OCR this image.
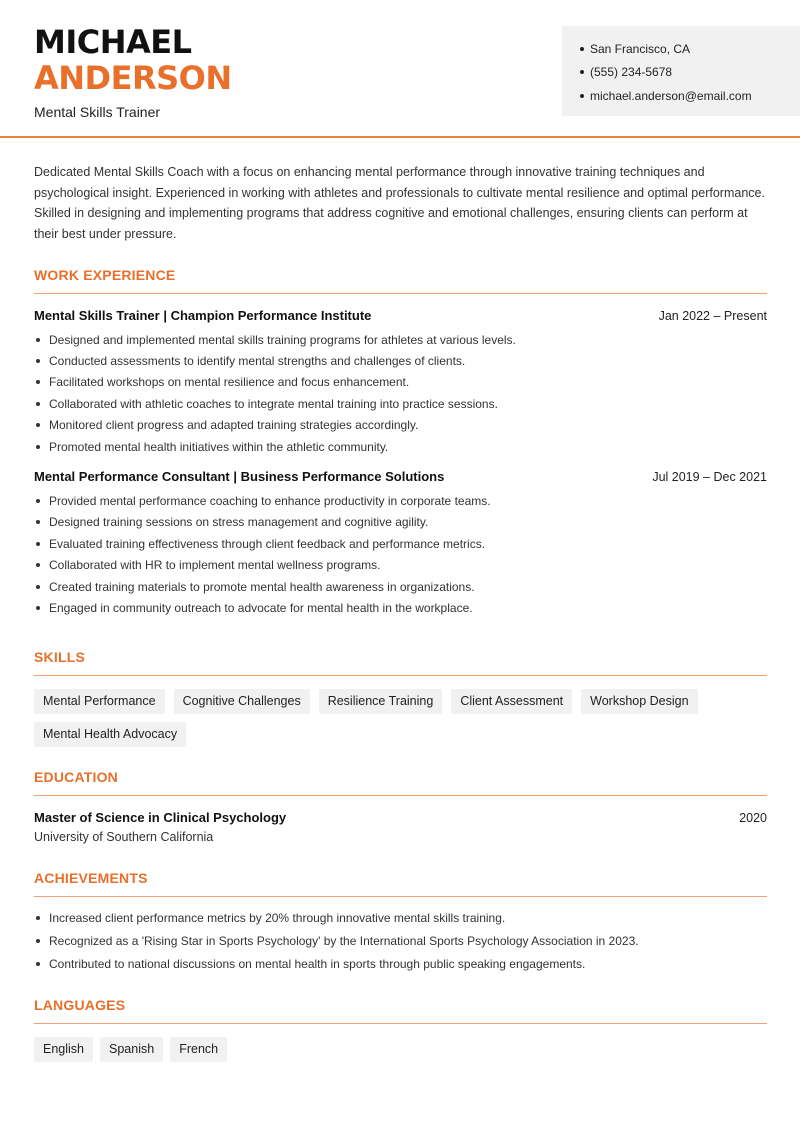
MICHAEL
ANDERSON
Mental Skills Trainer
San Francisco, CA
(555) 234-5678
michael.anderson@email.com

Dedicated Mental Skills Coach with a focus on enhancing mental performance through innovative training techniques and psychological insight. Experienced in working with athletes and professionals to cultivate mental resilience and optimal performance. Skilled in designing and implementing programs that address cognitive and emotional challenges, ensuring clients can perform at their best under pressure.

WORK EXPERIENCE
Mental Skills Trainer | Champion Performance Institute	Jan 2022 – Present
Designed and implemented mental skills training programs for athletes at various levels.
Conducted assessments to identify mental strengths and challenges of clients.
Facilitated workshops on mental resilience and focus enhancement.
Collaborated with athletic coaches to integrate mental training into practice sessions.
Monitored client progress and adapted training strategies accordingly.
Promoted mental health initiatives within the athletic community.
Mental Performance Consultant | Business Performance Solutions	Jul 2019 – Dec 2021
Provided mental performance coaching to enhance productivity in corporate teams.
Designed training sessions on stress management and cognitive agility.
Evaluated training effectiveness through client feedback and performance metrics.
Collaborated with HR to implement mental wellness programs.
Created training materials to promote mental health awareness in organizations.
Engaged in community outreach to advocate for mental health in the workplace.
SKILLS
Mental Performance	Cognitive Challenges	Resilience Training	Client Assessment	Workshop Design
Mental Health Advocacy
EDUCATION
Master of Science in Clinical Psychology	2020
University of Southern California
ACHIEVEMENTS
Increased client performance metrics by 20% through innovative mental skills training.
Recognized as a 'Rising Star in Sports Psychology' by the International Sports Psychology Association in 2023.
Contributed to national discussions on mental health in sports through public speaking engagements.
LANGUAGES
English	Spanish	French
